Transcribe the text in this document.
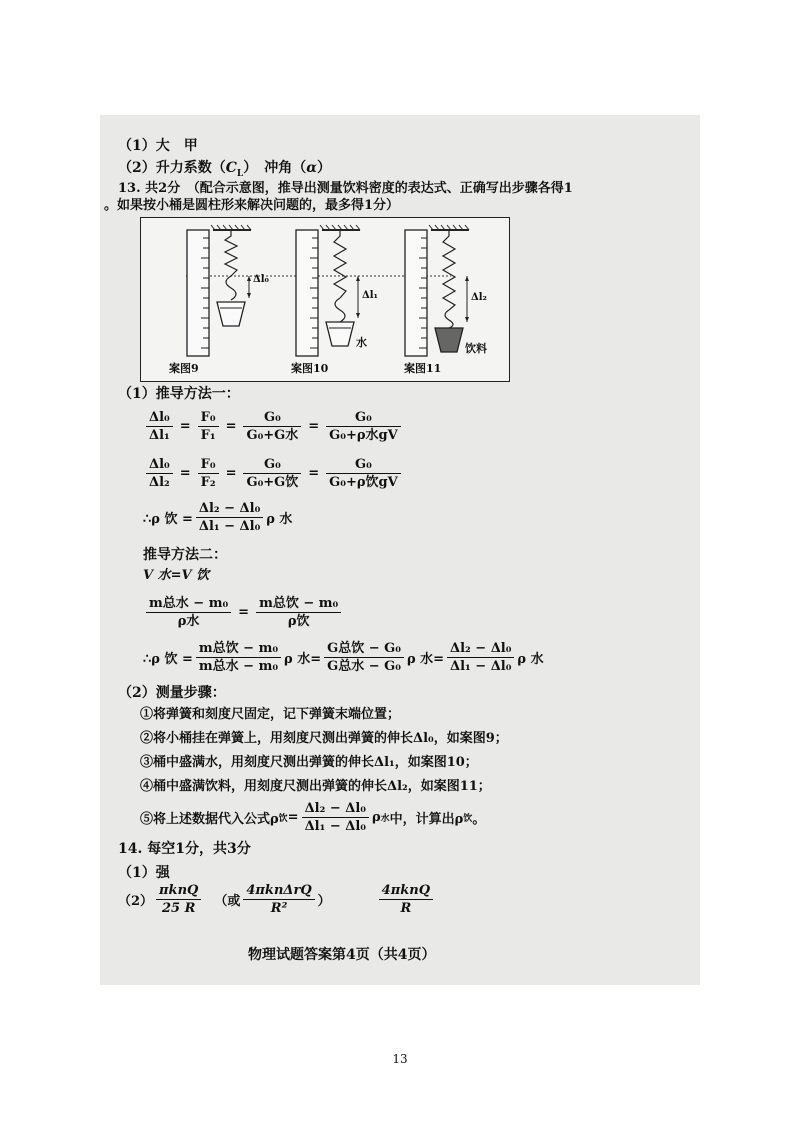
（1）大　甲
（2）升力系数$(C_L)$　冲角（α）
13. 共2分　（配合示意图，推导出测量饮料密度的表达式、正确写出步骤各得1
。如果按小桶是圆柱形来解决问题的，最多得1分）
Δl₀
Δl₁	Δl₂
水	饮料
案图9	案图10	案图11
（1）推导方法一：
$\frac{\text{Δl₀}}{\text{Δl₁}} = \frac{\text{F₀}}{\text{F₁}} = \frac{\text{G₀}}{\text{G₀+G水}} = \frac{\text{G₀}}{\text{G₀+ρ水gV}}$
$\frac{\text{Δl₀}}{\text{Δl₂}} = \frac{\text{F₀}}{\text{F₂}} = \frac{\text{G₀}}{\text{G₀+G饮}} = \frac{\text{G₀}}{\text{G₀+ρ饮gV}}$
∴ρ 饮 = $\frac{\text{Δl₂ − Δl₀}}{\text{Δl₁ − Δl₀}}$ ρ 水
推导方法二：
V 水=V 饮
$\frac{\text{m总水 − m₀}}{\text{ρ水}} = \frac{\text{m总饮 − m₀}}{\text{ρ饮}}$
∴ρ 饮 = $\frac{\text{m总饮 − m₀}}{\text{m总水 − m₀}}$ ρ 水= $\frac{\text{G总饮 − G₀}}{\text{G总水 − G₀}}$ ρ 水= $\frac{\text{Δl₂ − Δl₀}}{\text{Δl₁ − Δl₀}}$ ρ 水
（2）测量步骤：
①将弹簧和刻度尺固定，记下弹簧末端位置；
②将小桶挂在弹簧上，用刻度尺测出弹簧的伸长Δl₀，如案图9；
③桶中盛满水，用刻度尺测出弹簧的伸长Δl₁，如案图10；
④桶中盛满饮料，用刻度尺测出弹簧的伸长Δl₂，如案图11；
⑤将上述数据代入公式ρ 饮 = $\frac{\text{Δl₂ − Δl₀}}{\text{Δl₁ − Δl₀}}$ ρ 水 中，计算出ρ 饮 。
14. 每空1分，共3分
（1）强
$(2) \frac{\text{πknQ}}{25 R}$ （或 $\frac{\text{4πknΔrQ}}{\text{R²}}$ ）	$\frac{\text{4πknQ}}{R}$
物理试题答案第4页（共4页）
13
